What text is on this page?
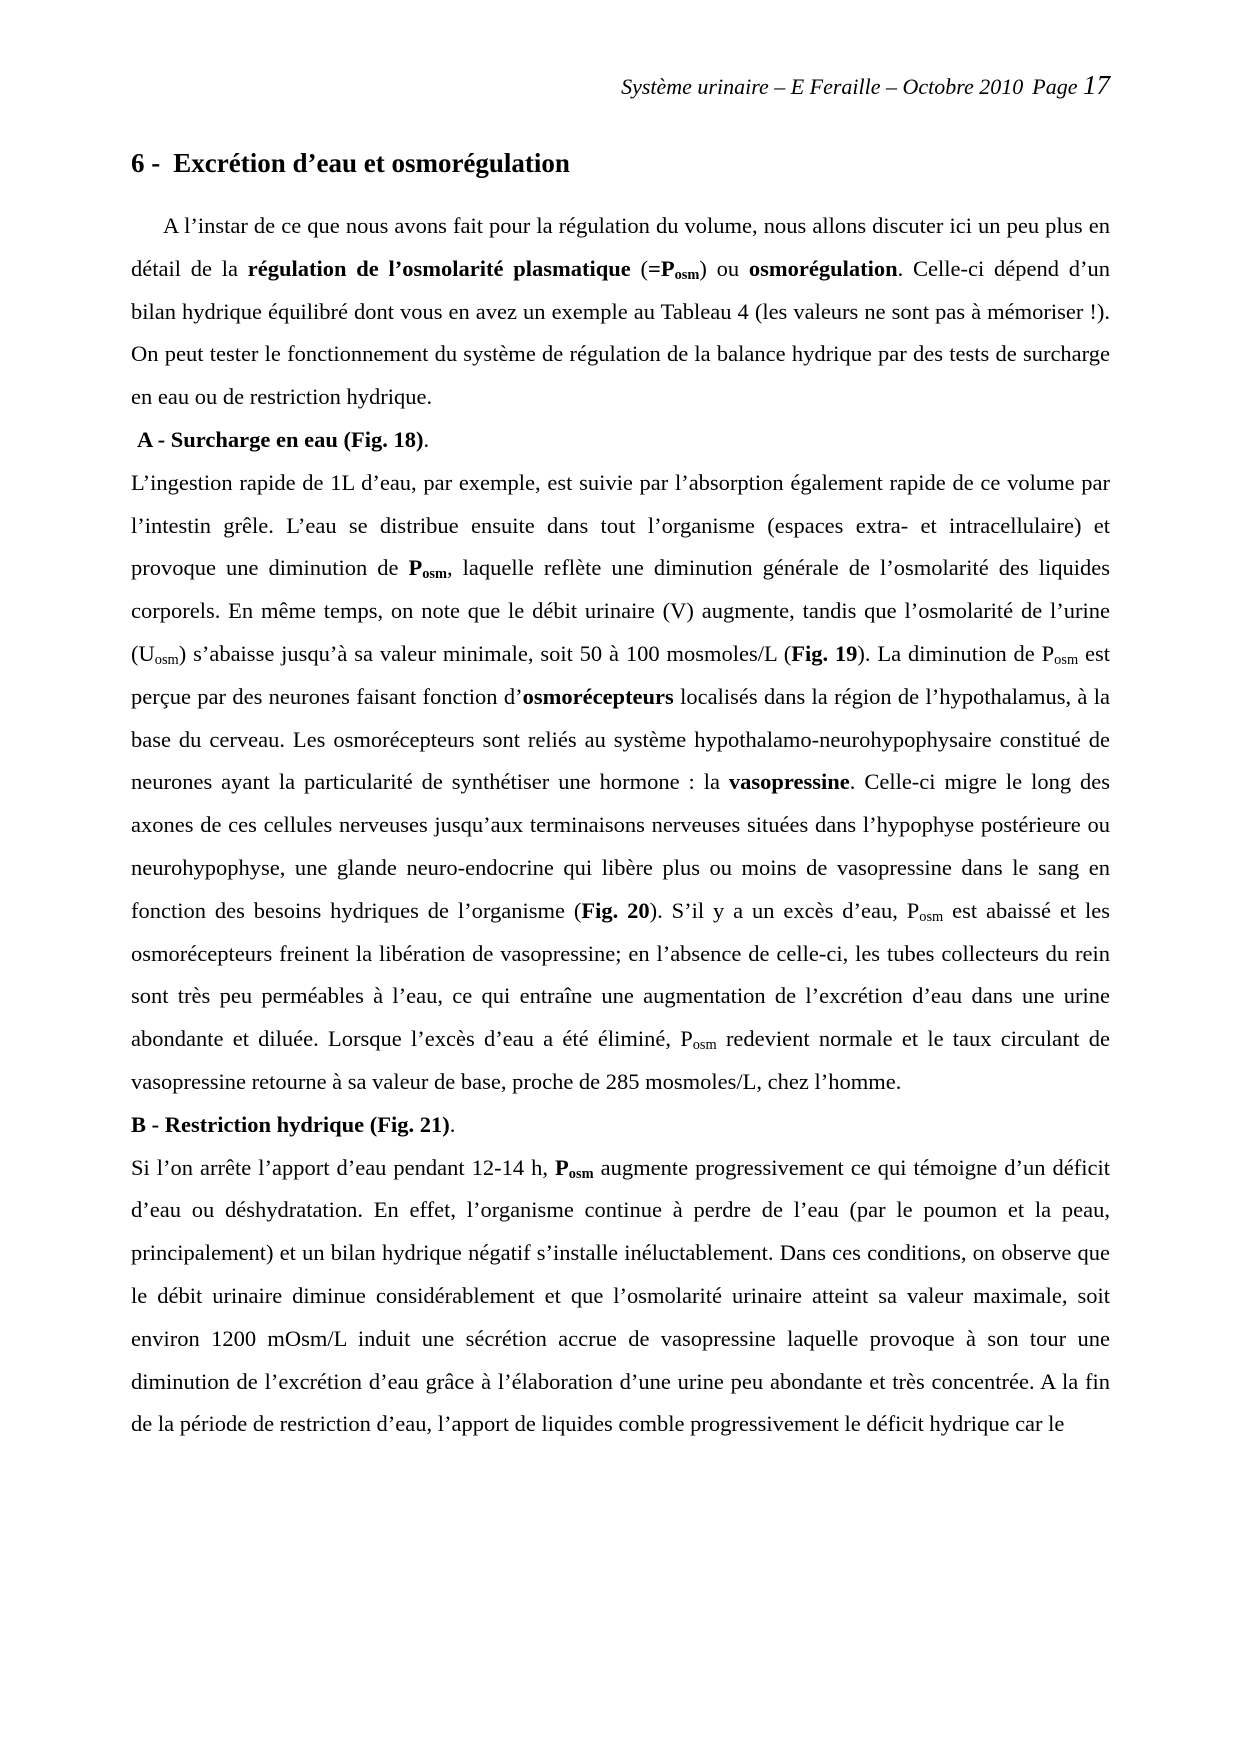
Système urinaire – E Feraille – Octobre 2010 Page 17
6 - Excrétion d’eau et osmorégulation

A l’instar de ce que nous avons fait pour la régulation du volume, nous allons discuter ici un peu plus en détail de la régulation de l’osmolarité plasmatique $(=P_{osm})$ ou osmorégulation. Celle-ci dépend d’un bilan hydrique équilibré dont vous en avez un exemple au Tableau 4 (les valeurs ne sont pas à mémoriser !). On peut tester le fonctionnement du système de régulation de la balance hydrique par des tests de surcharge en eau ou de restriction hydrique.

A - Surcharge en eau (Fig. 18).

L’ingestion rapide de 1L d’eau, par exemple, est suivie par l’absorption également rapide de ce volume par l’intestin grêle. L’eau se distribue ensuite dans tout l’organisme (espaces extra- et intracellulaire) et provoque une diminution de $P_{osm}$, laquelle reflète une diminution générale de l’osmolarité des liquides corporels. En même temps, on note que le débit urinaire (V) augmente, tandis que l’osmolarité de l’urine $(U_{osm})$ s’abaisse jusqu’à sa valeur minimale, soit 50 à 100 mosmoles/L (Fig. 19). La diminution de $P_{osm}$ est perçue par des neurones faisant fonction d’osmorécepteurs localisés dans la région de l’hypothalamus, à la base du cerveau. Les osmorécepteurs sont reliés au système hypothalamo-neurohypophysaire constitué de neurones ayant la particularité de synthétiser une hormone : la vasopressine. Celle-ci migre le long des axones de ces cellules nerveuses jusqu’aux terminaisons nerveuses situées dans l’hypophyse postérieure ou neurohypophyse, une glande neuro-endocrine qui libère plus ou moins de vasopressine dans le sang en fonction des besoins hydriques de l’organisme (Fig. 20). S’il y a un excès d’eau, $P_{osm}$ est abaissé et les osmorécepteurs freinent la libération de vasopressine; en l’absence de celle-ci, les tubes collecteurs du rein sont très peu perméables à l’eau, ce qui entraîne une augmentation de l’excrétion d’eau dans une urine abondante et diluée. Lorsque l’excès d’eau a été éliminé, $P_{osm}$ redevient normale et le taux circulant de vasopressine retourne à sa valeur de base, proche de 285 mosmoles/L, chez l’homme.

B - Restriction hydrique (Fig. 21).

Si l’on arrête l’apport d’eau pendant 12-14 h, $P_{osm}$ augmente progressivement ce qui témoigne d’un déficit d’eau ou déshydratation. En effet, l’organisme continue à perdre de l’eau (par le poumon et la peau, principalement) et un bilan hydrique négatif s’installe inéluctablement. Dans ces conditions, on observe que le débit urinaire diminue considérablement et que l’osmolarité urinaire atteint sa valeur maximale, soit environ 1200 mOsm/L induit une sécrétion accrue de vasopressine laquelle provoque à son tour une diminution de l’excrétion d’eau grâce à l’élaboration d’une urine peu abondante et très concentrée. A la fin de la période de restriction d’eau, l’apport de liquides comble progressivement le déficit hydrique car le
